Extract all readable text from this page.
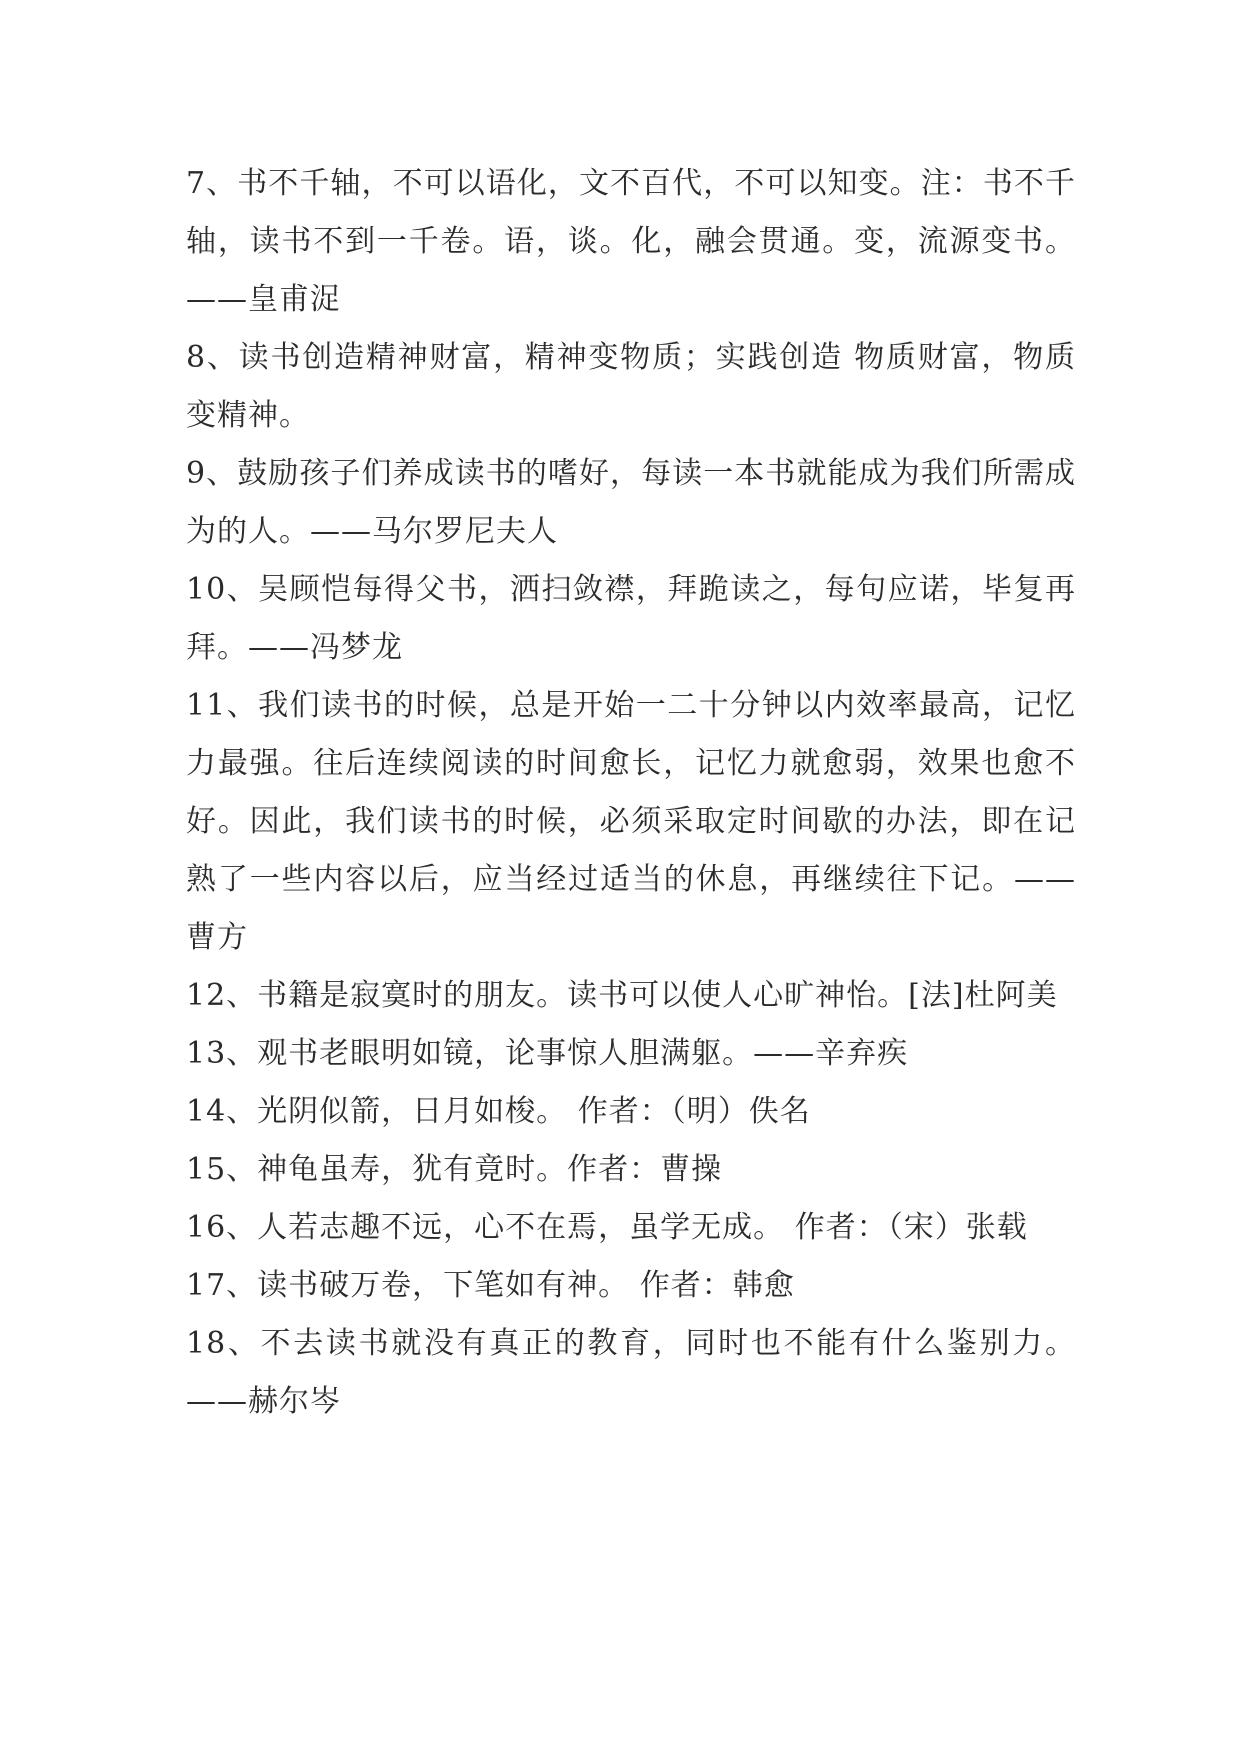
7、书不千轴，不可以语化，文不百代，不可以知变。注：书不千轴，读书不到一千卷。语，谈。化，融会贯通。变，流源变书。——皇甫浞

8、读书创造精神财富，精神变物质；实践创造 物质财富，物质变精神。

9、鼓励孩子们养成读书的嗜好，每读一本书就能成为我们所需成为的人。——马尔罗尼夫人

10、吴顾恺每得父书，洒扫敛襟，拜跪读之，每句应诺，毕复再拜。——冯梦龙

11、我们读书的时候，总是开始一二十分钟以内效率最高，记忆力最强。往后连续阅读的时间愈长，记忆力就愈弱，效果也愈不好。因此，我们读书的时候，必须采取定时间歇的办法，即在记熟了一些内容以后，应当经过适当的休息，再继续往下记。——曹方

12、书籍是寂寞时的朋友。读书可以使人心旷神怡。[法]杜阿美

13、观书老眼明如镜，论事惊人胆满躯。——辛弃疾

14、光阴似箭，日月如梭。 作者：（明）佚名

15、神龟虽寿，犹有竟时。作者：曹操

16、人若志趣不远，心不在焉，虽学无成。 作者：（宋）张载

17、读书破万卷，下笔如有神。 作者：韩愈

18、不去读书就没有真正的教育，同时也不能有什么鉴别力。——赫尔岑
